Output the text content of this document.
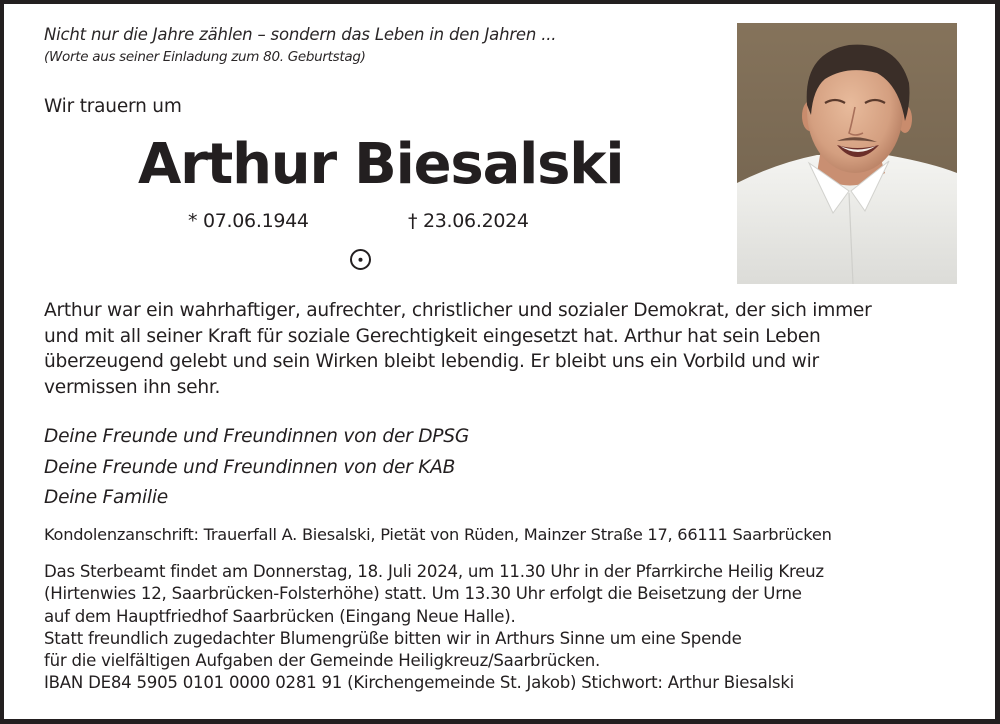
Nicht nur die Jahre zählen – sondern das Leben in den Jahren ...
(Worte aus seiner Einladung zum 80. Geburtstag)
Wir trauern um
Arthur Biesalski
* 07.06.1944	† 23.06.2024
Arthur war ein wahrhaftiger, aufrechter, christlicher und sozialer Demokrat, der sich immer
und mit all seiner Kraft für soziale Gerechtigkeit eingesetzt hat. Arthur hat sein Leben
überzeugend gelebt und sein Wirken bleibt lebendig. Er bleibt uns ein Vorbild und wir
vermissen ihn sehr.
Deine Freunde und Freundinnen von der DPSG
Deine Freunde und Freundinnen von der KAB
Deine Familie
Kondolenzanschrift: Trauerfall A. Biesalski, Pietät von Rüden, Mainzer Straße 17, 66111 Saarbrücken
Das Sterbeamt findet am Donnerstag, 18. Juli 2024, um 11.30 Uhr in der Pfarrkirche Heilig Kreuz
(Hirtenwies 12, Saarbrücken-Folsterhöhe) statt. Um 13.30 Uhr erfolgt die Beisetzung der Urne
auf dem Hauptfriedhof Saarbrücken (Eingang Neue Halle).
Statt freundlich zugedachter Blumengrüße bitten wir in Arthurs Sinne um eine Spende
für die vielfältigen Aufgaben der Gemeinde Heiligkreuz/Saarbrücken.
IBAN DE84 5905 0101 0000 0281 91 (Kirchengemeinde St. Jakob) Stichwort: Arthur Biesalski
